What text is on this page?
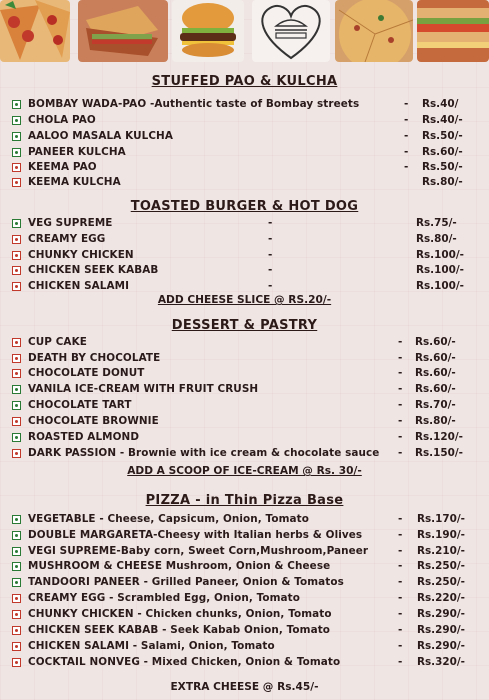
STUFFED PAO & KULCHA
BOMBAY WADA-PAO -Authentic taste of Bombay streets	- Rs.40/
CHOLA PAO	- Rs.40/-
AALOO MASALA KULCHA	- Rs.50/-
PANEER KULCHA	- Rs.60/-
KEEMA PAO	- Rs.50/-
KEEMA KULCHA	Rs.80/-
TOASTED BURGER & HOT DOG
VEG SUPREME	-	Rs.75/-
CREAMY EGG	-	Rs.80/-
CHUNKY CHICKEN	-	Rs.100/-
CHICKEN SEEK KABAB	-	Rs.100/-
CHICKEN SALAMI	-	Rs.100/-
ADD CHEESE SLICE @ RS.20/-
DESSERT & PASTRY
CUP CAKE	- Rs.60/-
DEATH BY CHOCOLATE	- Rs.60/-
CHOCOLATE DONUT	- Rs.60/-
VANILA ICE-CREAM WITH FRUIT CRUSH	- Rs.60/-
CHOCOLATE TART	- Rs.70/-
CHOCOLATE BROWNIE	- Rs.80/-
ROASTED ALMOND	- Rs.120/-
DARK PASSION - Brownie with ice cream & chocolate sauce - Rs.150/-
ADD A SCOOP OF ICE-CREAM @ Rs. 30/-
PIZZA - in Thin Pizza Base
VEGETABLE - Cheese, Capsicum, Onion, Tomato	- Rs.170/-
DOUBLE MARGARETA-Cheesy with Italian herbs & Olives	- Rs.190/-
VEGI SUPREME-Baby corn, Sweet Corn,Mushroom,Paneer	- Rs.210/-
MUSHROOM & CHEESE Mushroom, Onion & Cheese	- Rs.250/-
TANDOORI PANEER - Grilled Paneer, Onion & Tomatos	- Rs.250/-
CREAMY EGG - Scrambled Egg, Onion, Tomato	- Rs.220/-
CHUNKY CHICKEN - Chicken chunks, Onion, Tomato	- Rs.290/-
CHICKEN SEEK KABAB - Seek Kabab Onion, Tomato	- Rs.290/-
CHICKEN SALAMI - Salami, Onion, Tomato	- Rs.290/-
COCKTAIL NONVEG - Mixed Chicken, Onion & Tomato	- Rs.320/-
EXTRA CHEESE @ Rs.45/-
